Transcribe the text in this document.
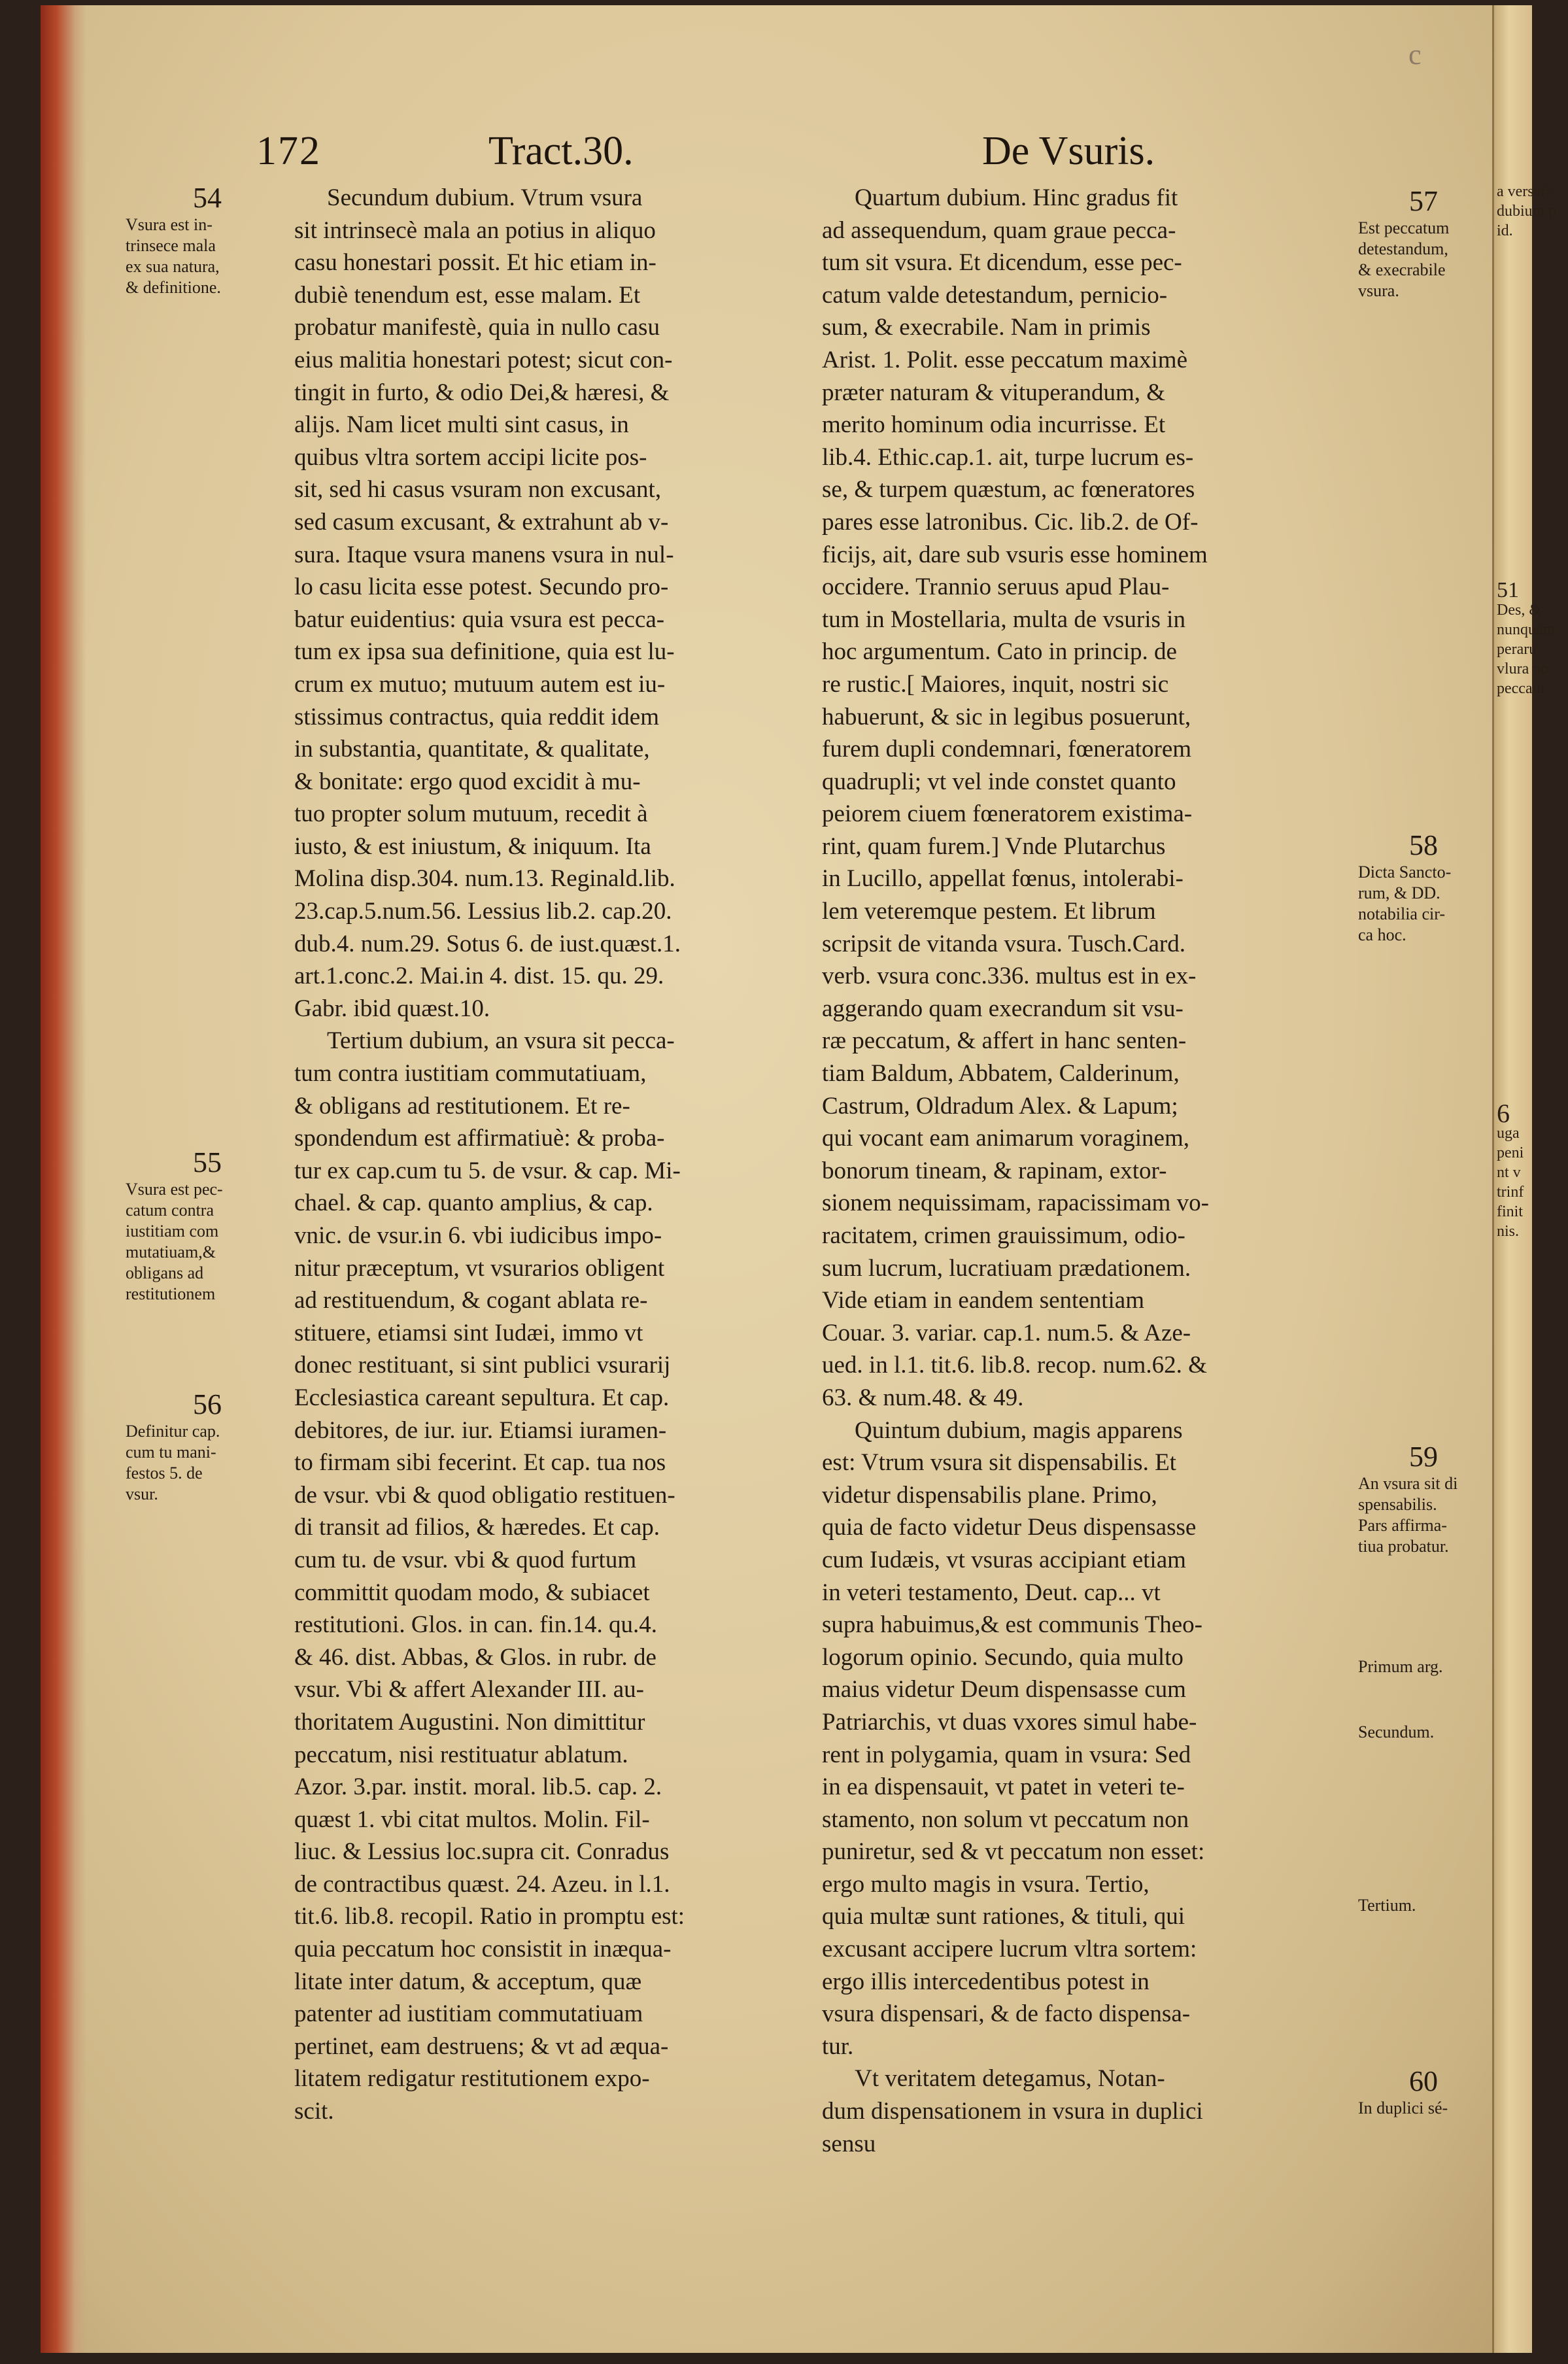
a versari
dubium p
id.
51
Des, &
nunquam
peraru
vlura no
peccatu
6
uga
peni
nt v
trinf
finit
nis.
c
172	Tract.30.	De Vsuris.
Secundum dubium. Vtrum vsura
sit intrinsecè mala an potius in aliquo
casu honestari possit. Et hic etiam in-
dubiè tenendum est, esse malam. Et
probatur manifestè, quia in nullo casu
eius malitia honestari potest; sicut con-
tingit in furto, & odio Dei,& hæresi, &
alijs. Nam licet multi sint casus, in
quibus vltra sortem accipi licite pos-
sit, sed hi casus vsuram non excusant,
sed casum excusant, & extrahunt ab v-
sura. Itaque vsura manens vsura in nul-
lo casu licita esse potest. Secundo pro-
batur euidentius: quia vsura est pecca-
tum ex ipsa sua definitione, quia est lu-
crum ex mutuo; mutuum autem est iu-
stissimus contractus, quia reddit idem
in substantia, quantitate, & qualitate,
& bonitate: ergo quod excidit à mu-
tuo propter solum mutuum, recedit à
iusto, & est iniustum, & iniquum. Ita
Molina disp.304. num.13. Reginald.lib.
23.cap.5.num.56. Lessius lib.2. cap.20.
dub.4. num.29. Sotus 6. de iust.quæst.1.
art.1.conc.2. Mai.in 4. dist. 15. qu. 29.
Gabr. ibid quæst.10.
Tertium dubium, an vsura sit pecca-
tum contra iustitiam commutatiuam,
& obligans ad restitutionem. Et re-
spondendum est affirmatiuè: & proba-
tur ex cap.cum tu 5. de vsur. & cap. Mi-
chael. & cap. quanto amplius, & cap.
vnic. de vsur.in 6. vbi iudicibus impo-
nitur præceptum, vt vsurarios obligent
ad restituendum, & cogant ablata re-
stituere, etiamsi sint Iudæi, immo vt
donec restituant, si sint publici vsurarij
Ecclesiastica careant sepultura. Et cap.
debitores, de iur. iur. Etiamsi iuramen-
to firmam sibi fecerint. Et cap. tua nos
de vsur. vbi & quod obligatio restituen-
di transit ad filios, & hæredes. Et cap.
cum tu. de vsur. vbi & quod furtum
committit quodam modo, & subiacet
restitutioni. Glos. in can. fin.14. qu.4.
& 46. dist. Abbas, & Glos. in rubr. de
vsur. Vbi & affert Alexander III. au-
thoritatem Augustini. Non dimittitur
peccatum, nisi restituatur ablatum.
Azor. 3.par. instit. moral. lib.5. cap. 2.
quæst 1. vbi citat multos. Molin. Fil-
liuc. & Lessius loc.supra cit. Conradus
de contractibus quæst. 24. Azeu. in l.1.
tit.6. lib.8. recopil. Ratio in promptu est:
quia peccatum hoc consistit in inæqua-
litate inter datum, & acceptum, quæ
patenter ad iustitiam commutatiuam
pertinet, eam destruens; & vt ad æqua-
litatem redigatur restitutionem expo-
scit.
Quartum dubium. Hinc gradus fit
ad assequendum, quam graue pecca-
tum sit vsura. Et dicendum, esse pec-
catum valde detestandum, pernicio-
sum, & execrabile. Nam in primis
Arist. 1. Polit. esse peccatum maximè
præter naturam & vituperandum, &
merito hominum odia incurrisse. Et
lib.4. Ethic.cap.1. ait, turpe lucrum es-
se, & turpem quæstum, ac fœneratores
pares esse latronibus. Cic. lib.2. de Of-
ficijs, ait, dare sub vsuris esse hominem
occidere. Trannio seruus apud Plau-
tum in Mostellaria, multa de vsuris in
hoc argumentum. Cato in princip. de
re rustic.[ Maiores, inquit, nostri sic
habuerunt, & sic in legibus posuerunt,
furem dupli condemnari, fœneratorem
quadrupli; vt vel inde constet quanto
peiorem ciuem fœneratorem existima-
rint, quam furem.] Vnde Plutarchus
in Lucillo, appellat fœnus, intolerabi-
lem veteremque pestem. Et librum
scripsit de vitanda vsura. Tusch.Card.
verb. vsura conc.336. multus est in ex-
aggerando quam execrandum sit vsu-
ræ peccatum, & affert in hanc senten-
tiam Baldum, Abbatem, Calderinum,
Castrum, Oldradum Alex. & Lapum;
qui vocant eam animarum voraginem,
bonorum tineam, & rapinam, extor-
sionem nequissimam, rapacissimam vo-
racitatem, crimen grauissimum, odio-
sum lucrum, lucratiuam prædationem.
Vide etiam in eandem sententiam
Couar. 3. variar. cap.1. num.5. & Aze-
ued. in l.1. tit.6. lib.8. recop. num.62. &
63. & num.48. & 49.
Quintum dubium, magis apparens
est: Vtrum vsura sit dispensabilis. Et
videtur dispensabilis plane. Primo,
quia de facto videtur Deus dispensasse
cum Iudæis, vt vsuras accipiant etiam
in veteri testamento, Deut. cap... vt
supra habuimus,& est communis Theo-
logorum opinio. Secundo, quia multo
maius videtur Deum dispensasse cum
Patriarchis, vt duas vxores simul habe-
rent in polygamia, quam in vsura: Sed
in ea dispensauit, vt patet in veteri te-
stamento, non solum vt peccatum non
puniretur, sed & vt peccatum non esset:
ergo multo magis in vsura. Tertio,
quia multæ sunt rationes, & tituli, qui
excusant accipere lucrum vltra sortem:
ergo illis intercedentibus potest in
vsura dispensari, & de facto dispensa-
tur.
Vt veritatem detegamus, Notan-
dum dispensationem in vsura in duplici
sensu
54
Vsura est in-
trinsece mala
ex sua natura,
& definitione.
55
Vsura est pec-
catum contra
iustitiam com
mutatiuam,&
obligans ad
restitutionem
56
Definitur cap.
cum tu mani-
festos 5. de
vsur.
57
Est peccatum
detestandum,
& execrabile
vsura.
58
Dicta Sancto-
rum, & DD.
notabilia cir-
ca hoc.
59
An vsura sit di
spensabilis.
Pars affirma-
tiua probatur.
Primum arg.
Secundum.
Tertium.
60
In duplici sé-
